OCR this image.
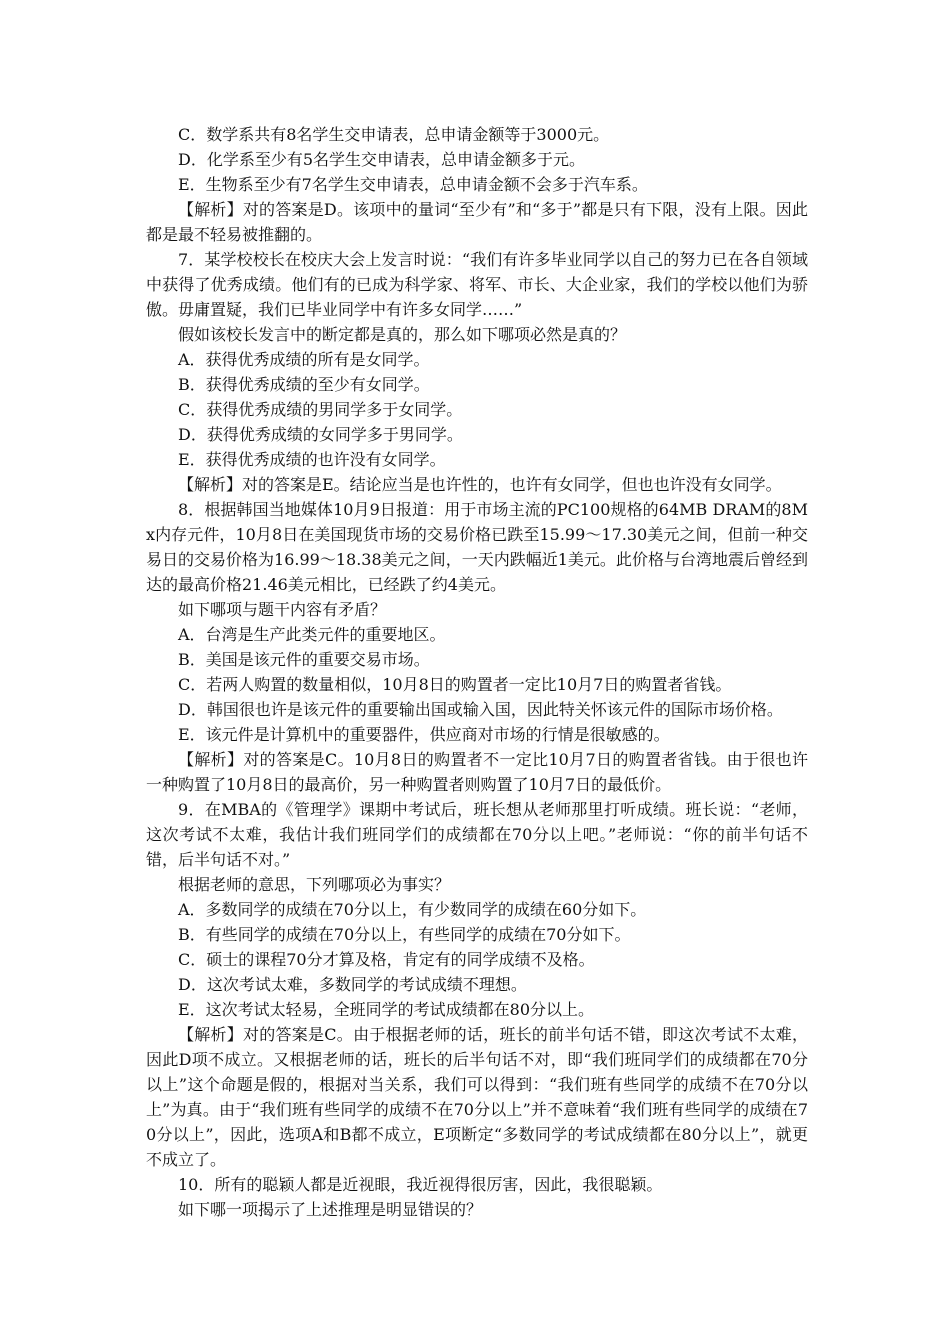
C．数学系共有8名学生交申请表，总申请金额等于3000元。

D．化学系至少有5名学生交申请表，总申请金额多于元。

E．生物系至少有7名学生交申请表，总申请金额不会多于汽车系。

【解析】对的答案是D。该项中的量词“至少有”和“多于”都是只有下限，没有上限。因此都是最不轻易被推翻的。

7．某学校校长在校庆大会上发言时说：“我们有许多毕业同学以自己的努力已在各自领域中获得了优秀成绩。他们有的已成为科学家、将军、市长、大企业家，我们的学校以他们为骄傲。毋庸置疑，我们已毕业同学中有许多女同学……”

假如该校长发言中的断定都是真的，那么如下哪项必然是真的？

A．获得优秀成绩的所有是女同学。

B．获得优秀成绩的至少有女同学。

C．获得优秀成绩的男同学多于女同学。

D．获得优秀成绩的女同学多于男同学。

E．获得优秀成绩的也许没有女同学。

【解析】对的答案是E。结论应当是也许性的，也许有女同学，但也也许没有女同学。

8．根据韩国当地媒体10月9日报道：用于市场主流的PC100规格的64MB DRAM的8Mx内存元件，10月8日在美国现货市场的交易价格已跌至15.99～17.30美元之间，但前一种交易日的交易价格为16.99～18.38美元之间，一天内跌幅近1美元。此价格与台湾地震后曾经到达的最高价格21.46美元相比，已经跌了约4美元。

如下哪项与题干内容有矛盾？

A．台湾是生产此类元件的重要地区。

B．美国是该元件的重要交易市场。

C．若两人购置的数量相似，10月8日的购置者一定比10月7日的购置者省钱。

D．韩国很也许是该元件的重要输出国或输入国，因此特关怀该元件的国际市场价格。

E．该元件是计算机中的重要器件，供应商对市场的行情是很敏感的。

【解析】对的答案是C。10月8日的购置者不一定比10月7日的购置者省钱。由于很也许一种购置了10月8日的最高价，另一种购置者则购置了10月7日的最低价。

9．在MBA的《管理学》课期中考试后，班长想从老师那里打听成绩。班长说：“老师，这次考试不太难，我估计我们班同学们的成绩都在70分以上吧。”老师说：“你的前半句话不错，后半句话不对。”

根据老师的意思，下列哪项必为事实？

A．多数同学的成绩在70分以上，有少数同学的成绩在60分如下。

B．有些同学的成绩在70分以上，有些同学的成绩在70分如下。

C．硕士的课程70分才算及格，肯定有的同学成绩不及格。

D．这次考试太难，多数同学的考试成绩不理想。

E．这次考试太轻易，全班同学的考试成绩都在80分以上。

【解析】对的答案是C。由于根据老师的话，班长的前半句话不错，即这次考试不太难，因此D项不成立。又根据老师的话，班长的后半句话不对，即“我们班同学们的成绩都在70分以上”这个命题是假的，根据对当关系，我们可以得到：“我们班有些同学的成绩不在70分以上”为真。由于“我们班有些同学的成绩不在70分以上”并不意味着“我们班有些同学的成绩在70分以上”，因此，选项A和B都不成立，E项断定“多数同学的考试成绩都在80分以上”，就更不成立了。

10．所有的聪颖人都是近视眼，我近视得很厉害，因此，我很聪颖。

如下哪一项揭示了上述推理是明显错误的？
